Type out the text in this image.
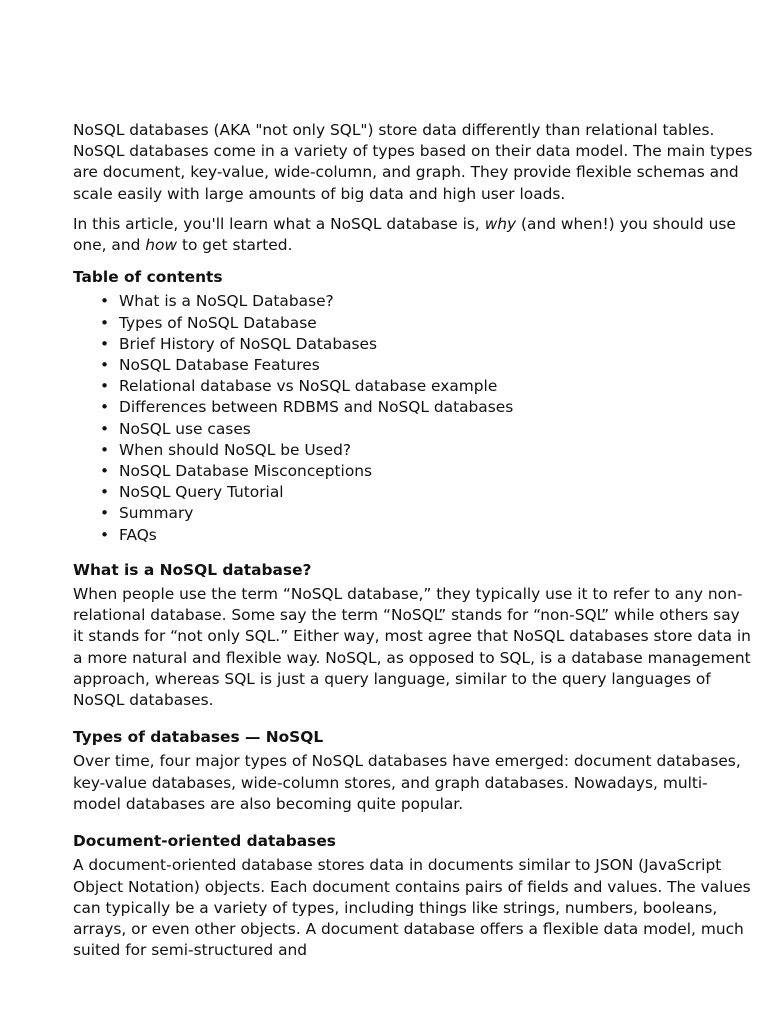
NoSQL databases (AKA "not only SQL") store data differently than relational tables. NoSQL databases come in a variety of types based on their data model. The main types are document, key-value, wide-column, and graph. They provide flexible schemas and scale easily with large amounts of big data and high user loads.

In this article, you'll learn what a NoSQL database is, why (and when!) you should use one, and how to get started.

Table of contents
• What is a NoSQL Database?
• Types of NoSQL Database
• Brief History of NoSQL Databases
• NoSQL Database Features
• Relational database vs NoSQL database example
• Differences between RDBMS and NoSQL databases
• NoSQL use cases
• When should NoSQL be Used?
• NoSQL Database Misconceptions
• NoSQL Query Tutorial
• Summary
• FAQs
What is a NoSQL database?

When people use the term “NoSQL database,” they typically use it to refer to any non-relational database. Some say the term “NoSQL” stands for “non-SQL” while others say it stands for “not only SQL.” Either way, most agree that NoSQL databases store data in a more natural and flexible way. NoSQL, as opposed to SQL, is a database management approach, whereas SQL is just a query language, similar to the query languages of NoSQL databases.

Types of databases — NoSQL

Over time, four major types of NoSQL databases have emerged: document databases, key-value databases, wide-column stores, and graph databases. Nowadays, multi-model databases are also becoming quite popular.

Document-oriented databases

A document-oriented database stores data in documents similar to JSON (JavaScript Object Notation) objects. Each document contains pairs of fields and values. The values can typically be a variety of types, including things like strings, numbers, booleans, arrays, or even other objects. A document database offers a flexible data model, much suited for semi-structured and
